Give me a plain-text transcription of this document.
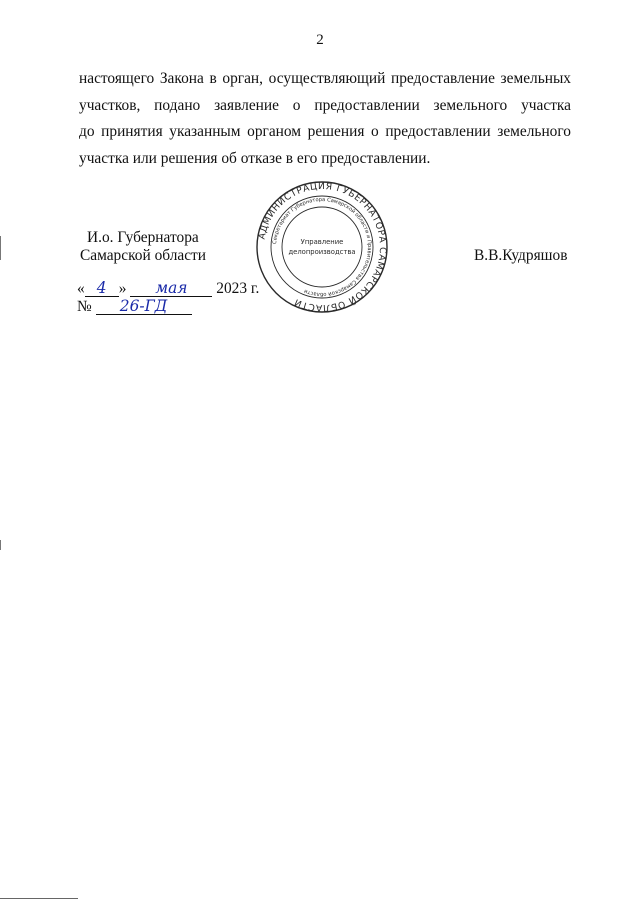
2
настоящего Закона в орган, осуществляющий предоставление земельных
участков, подано заявление о предоставлении земельного участка
до принятия указанным органом решения о предоставлении земельного
участка или решения об отказе в его предоставлении.
И.о. Губернатора
Самарской области	В.В.Кудряшов
АДМИНИСТРАЦИЯ ГУБЕРНАТОРА САМАРСКОЙ ОБЛАСТИ
Секретариат Губернатора Самарской области и Правительства Самарской области
Управление
делопроизводства
« 4 » мая 2023 г.
№ 26-ГД
